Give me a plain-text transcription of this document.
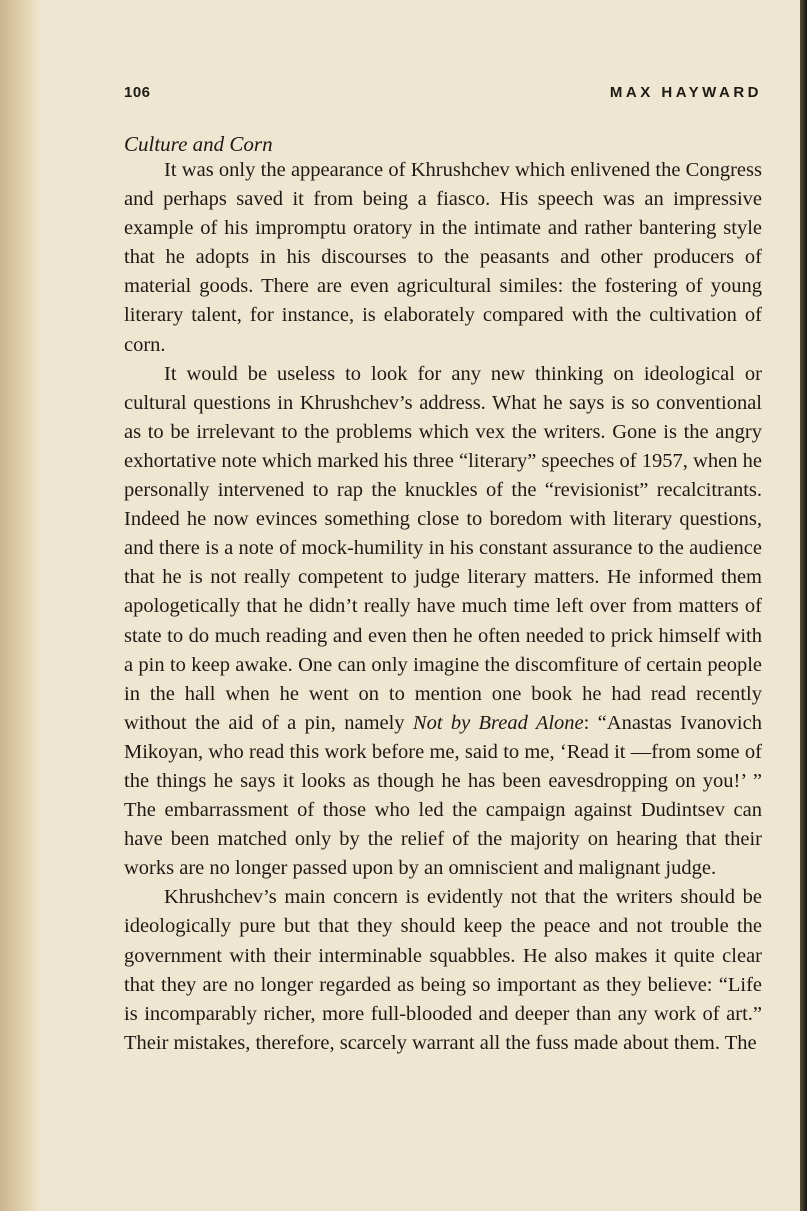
106	MAX HAYWARD
Culture and Corn

It was only the appearance of Khrushchev which enlivened the Congress and perhaps saved it from being a fiasco. His speech was an impressive example of his impromptu oratory in the intimate and rather bantering style that he adopts in his discourses to the peasants and other producers of material goods. There are even agricultural similes: the fostering of young literary talent, for instance, is elaborately compared with the cultivation of corn.

It would be useless to look for any new thinking on ideological or cultural questions in Khrushchev’s address. What he says is so conventional as to be irrelevant to the problems which vex the writers. Gone is the angry exhortative note which marked his three “literary” speeches of 1957, when he personally intervened to rap the knuckles of the “revisionist” recalcitrants. Indeed he now evinces something close to boredom with literary questions, and there is a note of mock-humility in his constant assurance to the audience that he is not really competent to judge literary matters. He informed them apologetically that he didn’t really have much time left over from matters of state to do much reading and even then he often needed to prick himself with a pin to keep awake. One can only imagine the discomfiture of certain people in the hall when he went on to mention one book he had read recently without the aid of a pin, namely Not by Bread Alone: “Anastas Ivanovich Mikoyan, who read this work before me, said to me, ‘Read it —from some of the things he says it looks as though he has been eavesdropping on you!’ ” The embarrassment of those who led the campaign against Dudintsev can have been matched only by the relief of the majority on hearing that their works are no longer passed upon by an omniscient and malignant judge.

Khrushchev’s main concern is evidently not that the writers should be ideologically pure but that they should keep the peace and not trouble the government with their interminable squabbles. He also makes it quite clear that they are no longer regarded as being so important as they believe: “Life is incomparably richer, more full-blooded and deeper than any work of art.” Their mistakes, therefore, scarcely warrant all the fuss made about them. The
